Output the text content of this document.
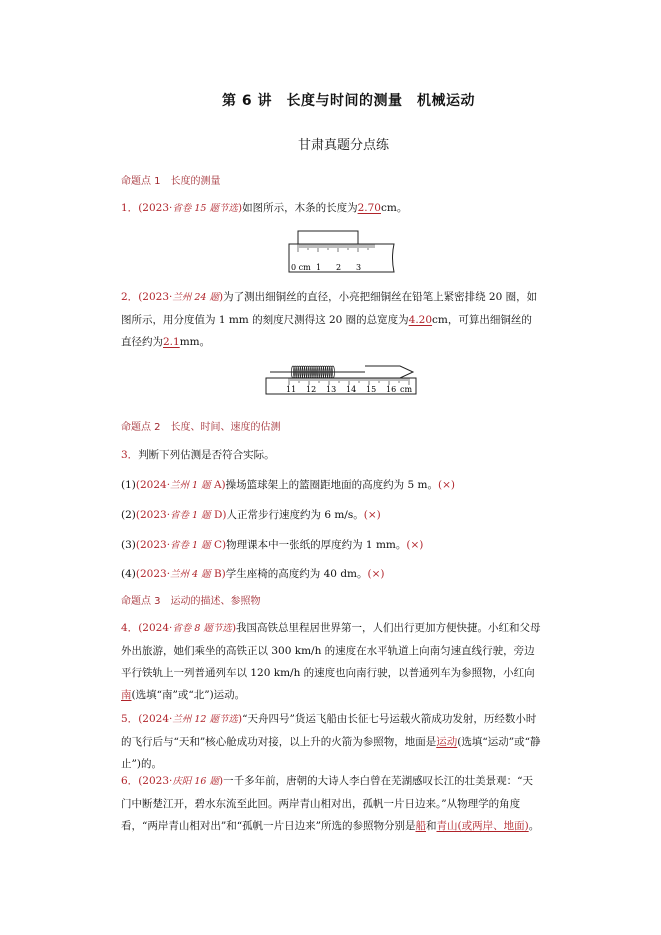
第 6 讲　长度与时间的测量　机械运动
甘肃真题分点练
命题点 1 长度的测量
1．(2023·省卷 15 题节选)如图所示，木条的长度为2.70cm。
0 cm 1 2 3
2．(2023·兰州 24 题)为了测出细铜丝的直径，小亮把细铜丝在铅笔上紧密排绕 20 圈，如图所示，用分度值为 1 mm 的刻度尺测得这 20 圈的总宽度为4.20cm，可算出细铜丝的直径约为2.1mm。
11 12 13 14 15 16 cm
命题点 2 长度、时间、速度的估测
3．判断下列估测是否符合实际。
(1)(2024·兰州 1 题 A)操场篮球架上的篮圈距地面的高度约为 5 m。(×)
(2)(2023·省卷 1 题 D)人正常步行速度约为 6 m/s。(×)
(3)(2023·省卷 1 题 C)物理课本中一张纸的厚度约为 1 mm。(×)
(4)(2023·兰州 4 题 B)学生座椅的高度约为 40 dm。(×)
命题点 3 运动的描述、参照物
4．(2024·省卷 8 题节选)我国高铁总里程居世界第一，人们出行更加方便快捷。小红和父母外出旅游，她们乘坐的高铁正以 300 km/h 的速度在水平轨道上向南匀速直线行驶，旁边平行铁轨上一列普通列车以 120 km/h 的速度也向南行驶，以普通列车为参照物，小红向南(选填“南”或“北”)运动。
5．(2024·兰州 12 题节选)“天舟四号”货运飞船由长征七号运载火箭成功发射，历经数小时的飞行后与“天和”核心舱成功对接，以上升的火箭为参照物，地面是运动(选填“运动”或“静止”)的。
6．(2023·庆阳 16 题)一千多年前，唐朝的大诗人李白曾在芜湖感叹长江的壮美景观：“天门中断楚江开，碧水东流至此回。两岸青山相对出，孤帆一片日边来。”从物理学的角度看，“两岸青山相对出”和“孤帆一片日边来”所选的参照物分别是船和青山(或两岸、地面)。
